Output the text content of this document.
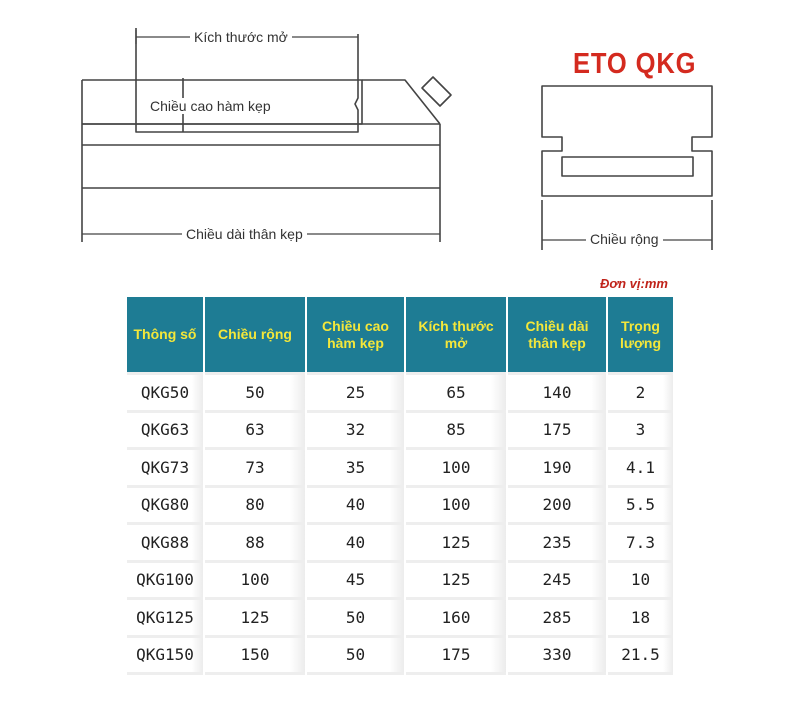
Kích thước mở
Chiều cao hàm kẹp
Chiều dài thân kẹp
ETO QKG
Chiều rộng
Đơn vị:mm
Thông số	Chiều rộng	Chiều cao hàm kẹp	Kích thước mở	Chiều dài thân kẹp	Trọng lượng
QKG50	50	25	65	140	2
QKG63	63	32	85	175	3
QKG73	73	35	100	190	4.1
QKG80	80	40	100	200	5.5
QKG88	88	40	125	235	7.3
QKG100	100	45	125	245	10
QKG125	125	50	160	285	18
QKG150	150	50	175	330	21.5
